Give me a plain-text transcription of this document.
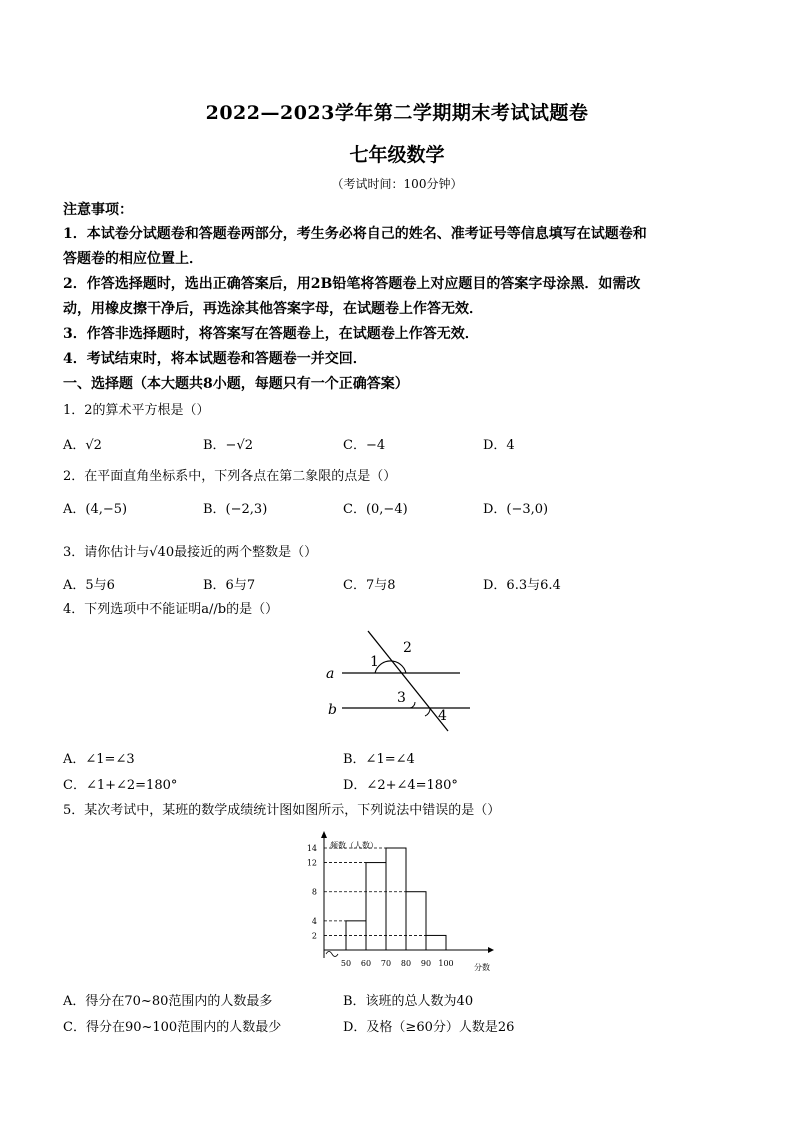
2022—2023学年第二学期期末考试试题卷
七年级数学
（考试时间：100分钟）
注意事项：
1．本试卷分试题卷和答题卷两部分，考生务必将自己的姓名、准考证号等信息填写在试题卷和
答题卷的相应位置上．
2．作答选择题时，选出正确答案后，用2B铅笔将答题卷上对应题目的答案字母涂黑．如需改
动，用橡皮擦干净后，再选涂其他答案字母，在试题卷上作答无效．
3．作答非选择题时，将答案写在答题卷上，在试题卷上作答无效．
4．考试结束时，将本试题卷和答题卷一并交回．
一、选择题（本大题共8小题，每题只有一个正确答案）
1．2的算术平方根是（）
A．√2	B．−√2	C．−4	D．4
2．在平面直角坐标系中，下列各点在第二象限的点是（）
A．(4,−5)	B．(−2,3)	C．(0,−4)	D．(−3,0)
3．请你估计与√40最接近的两个整数是（）
A．5与6	B．6与7	C．7与8	D．6.3与6.4
4．下列选项中不能证明a//b的是（）
a
b
1
2
3
4
A．∠1=∠3	B．∠1=∠4
C．∠1+∠2=180°	D．∠2+∠4=180°
5．某次考试中，某班的数学成绩统计图如图所示，下列说法中错误的是（）
2
4
8
12
14
50 60 70 80 90 100
频数（人数）
分数
A．得分在70~80范围内的人数最多	B．该班的总人数为40
C．得分在90~100范围内的人数最少	D．及格（≥60分）人数是26
